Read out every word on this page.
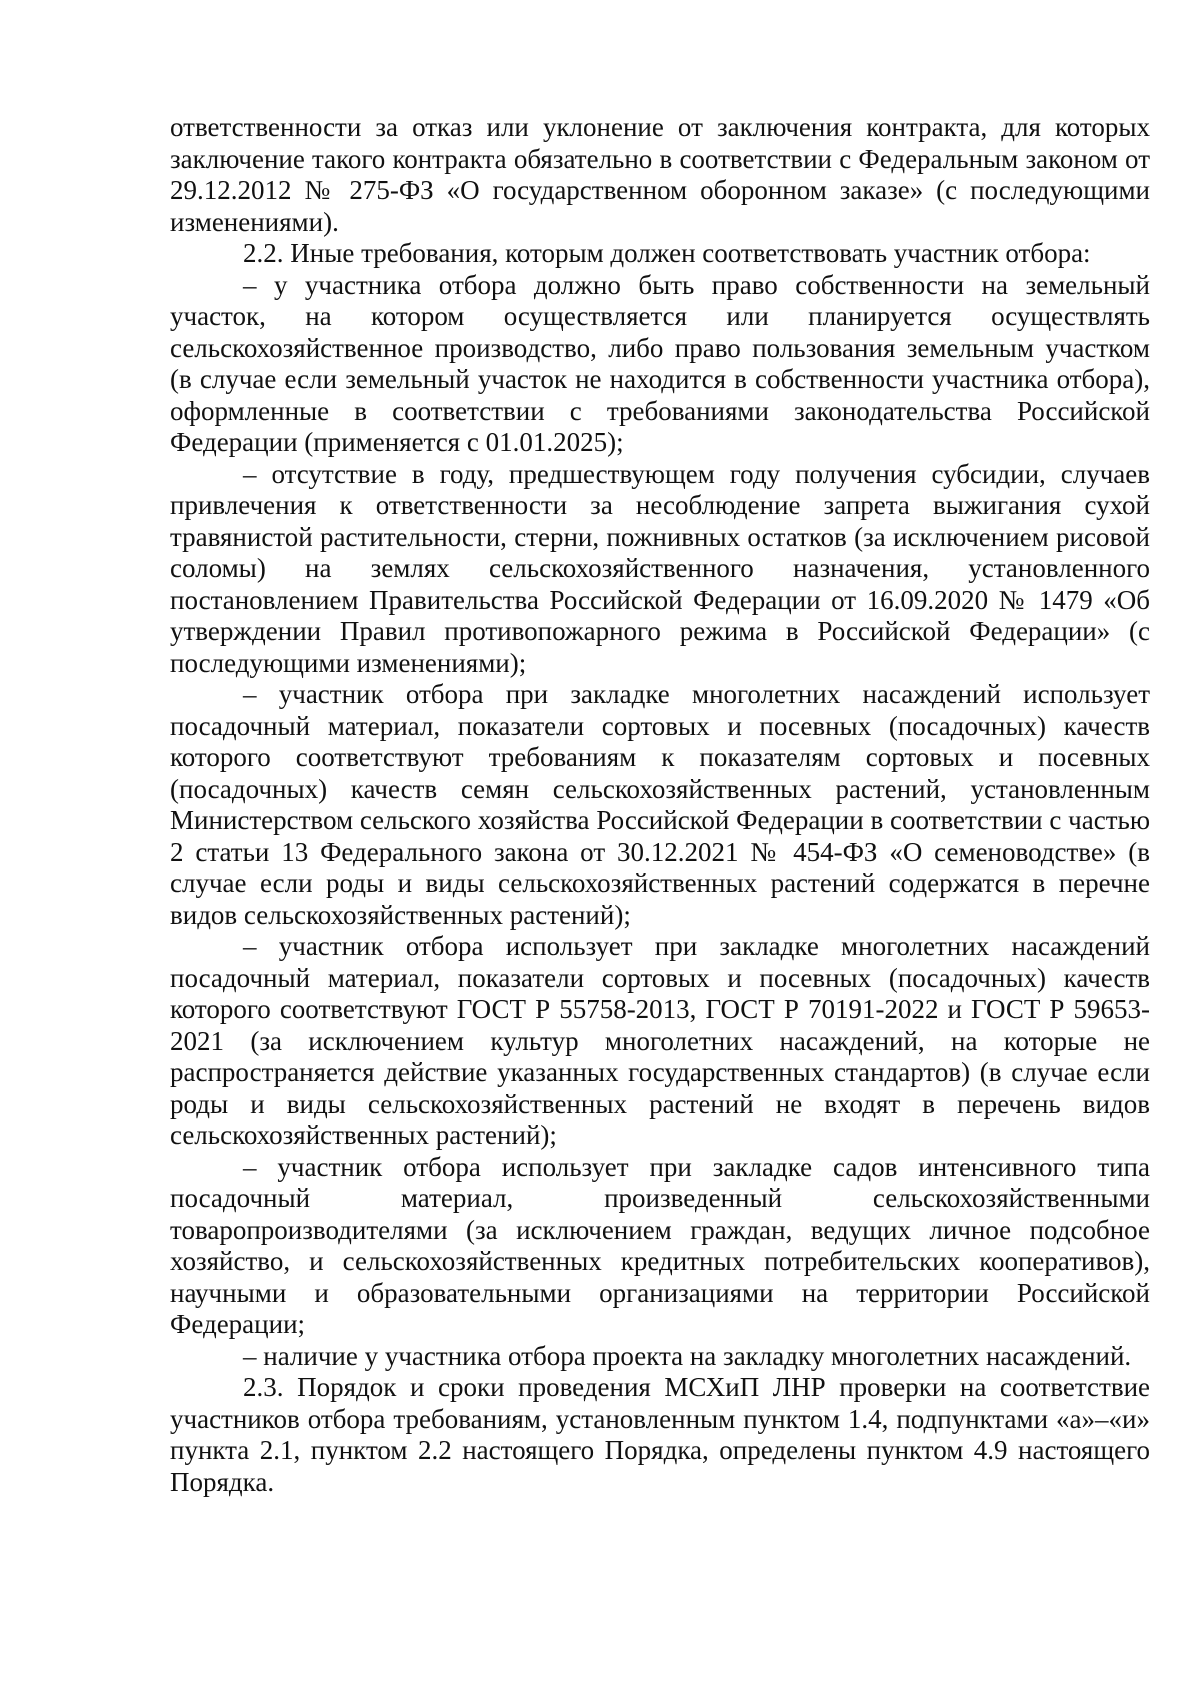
ответственности за отказ или уклонение от заключения контракта, для которых заключение такого контракта обязательно в соответствии с Федеральным законом от 29.12.2012 № 275-ФЗ «О государственном оборонном заказе» (с последующими изменениями).

2.2. Иные требования, которым должен соответствовать участник отбора:

– у участника отбора должно быть право собственности на земельный участок, на котором осуществляется или планируется осуществлять сельскохозяйственное производство, либо право пользования земельным участком (в случае если земельный участок не находится в собственности участника отбора), оформленные в соответствии с требованиями законодательства Российской Федерации (применяется с 01.01.2025);

– отсутствие в году, предшествующем году получения субсидии, случаев привлечения к ответственности за несоблюдение запрета выжигания сухой травянистой растительности, стерни, пожнивных остатков (за исключением рисовой соломы) на землях сельскохозяйственного назначения, установленного постановлением Правительства Российской Федерации от 16.09.2020 № 1479 «Об утверждении Правил противопожарного режима в Российской Федерации» (с последующими изменениями);

– участник отбора при закладке многолетних насаждений использует посадочный материал, показатели сортовых и посевных (посадочных) качеств которого соответствуют требованиям к показателям сортовых и посевных (посадочных) качеств семян сельскохозяйственных растений, установленным Министерством сельского хозяйства Российской Федерации в соответствии с частью 2 статьи 13 Федерального закона от 30.12.2021 № 454-ФЗ «О семеноводстве» (в случае если роды и виды сельскохозяйственных растений содержатся в перечне видов сельскохозяйственных растений);

– участник отбора использует при закладке многолетних насаждений посадочный материал, показатели сортовых и посевных (посадочных) качеств которого соответствуют ГОСТ Р 55758-2013, ГОСТ Р 70191-2022 и ГОСТ Р 59653-2021 (за исключением культур многолетних насаждений, на которые не распространяется действие указанных государственных стандартов) (в случае если роды и виды сельскохозяйственных растений не входят в перечень видов сельскохозяйственных растений);

– участник отбора использует при закладке садов интенсивного типа посадочный материал, произведенный сельскохозяйственными товаропроизводителями (за исключением граждан, ведущих личное подсобное хозяйство, и сельскохозяйственных кредитных потребительских кооперативов), научными и образовательными организациями на территории Российской Федерации;

– наличие у участника отбора проекта на закладку многолетних насаждений.

2.3. Порядок и сроки проведения МСХиП ЛНР проверки на соответствие участников отбора требованиям, установленным пунктом 1.4, подпунктами «а»–«и» пункта 2.1, пунктом 2.2 настоящего Порядка, определены пунктом 4.9 настоящего Порядка.
